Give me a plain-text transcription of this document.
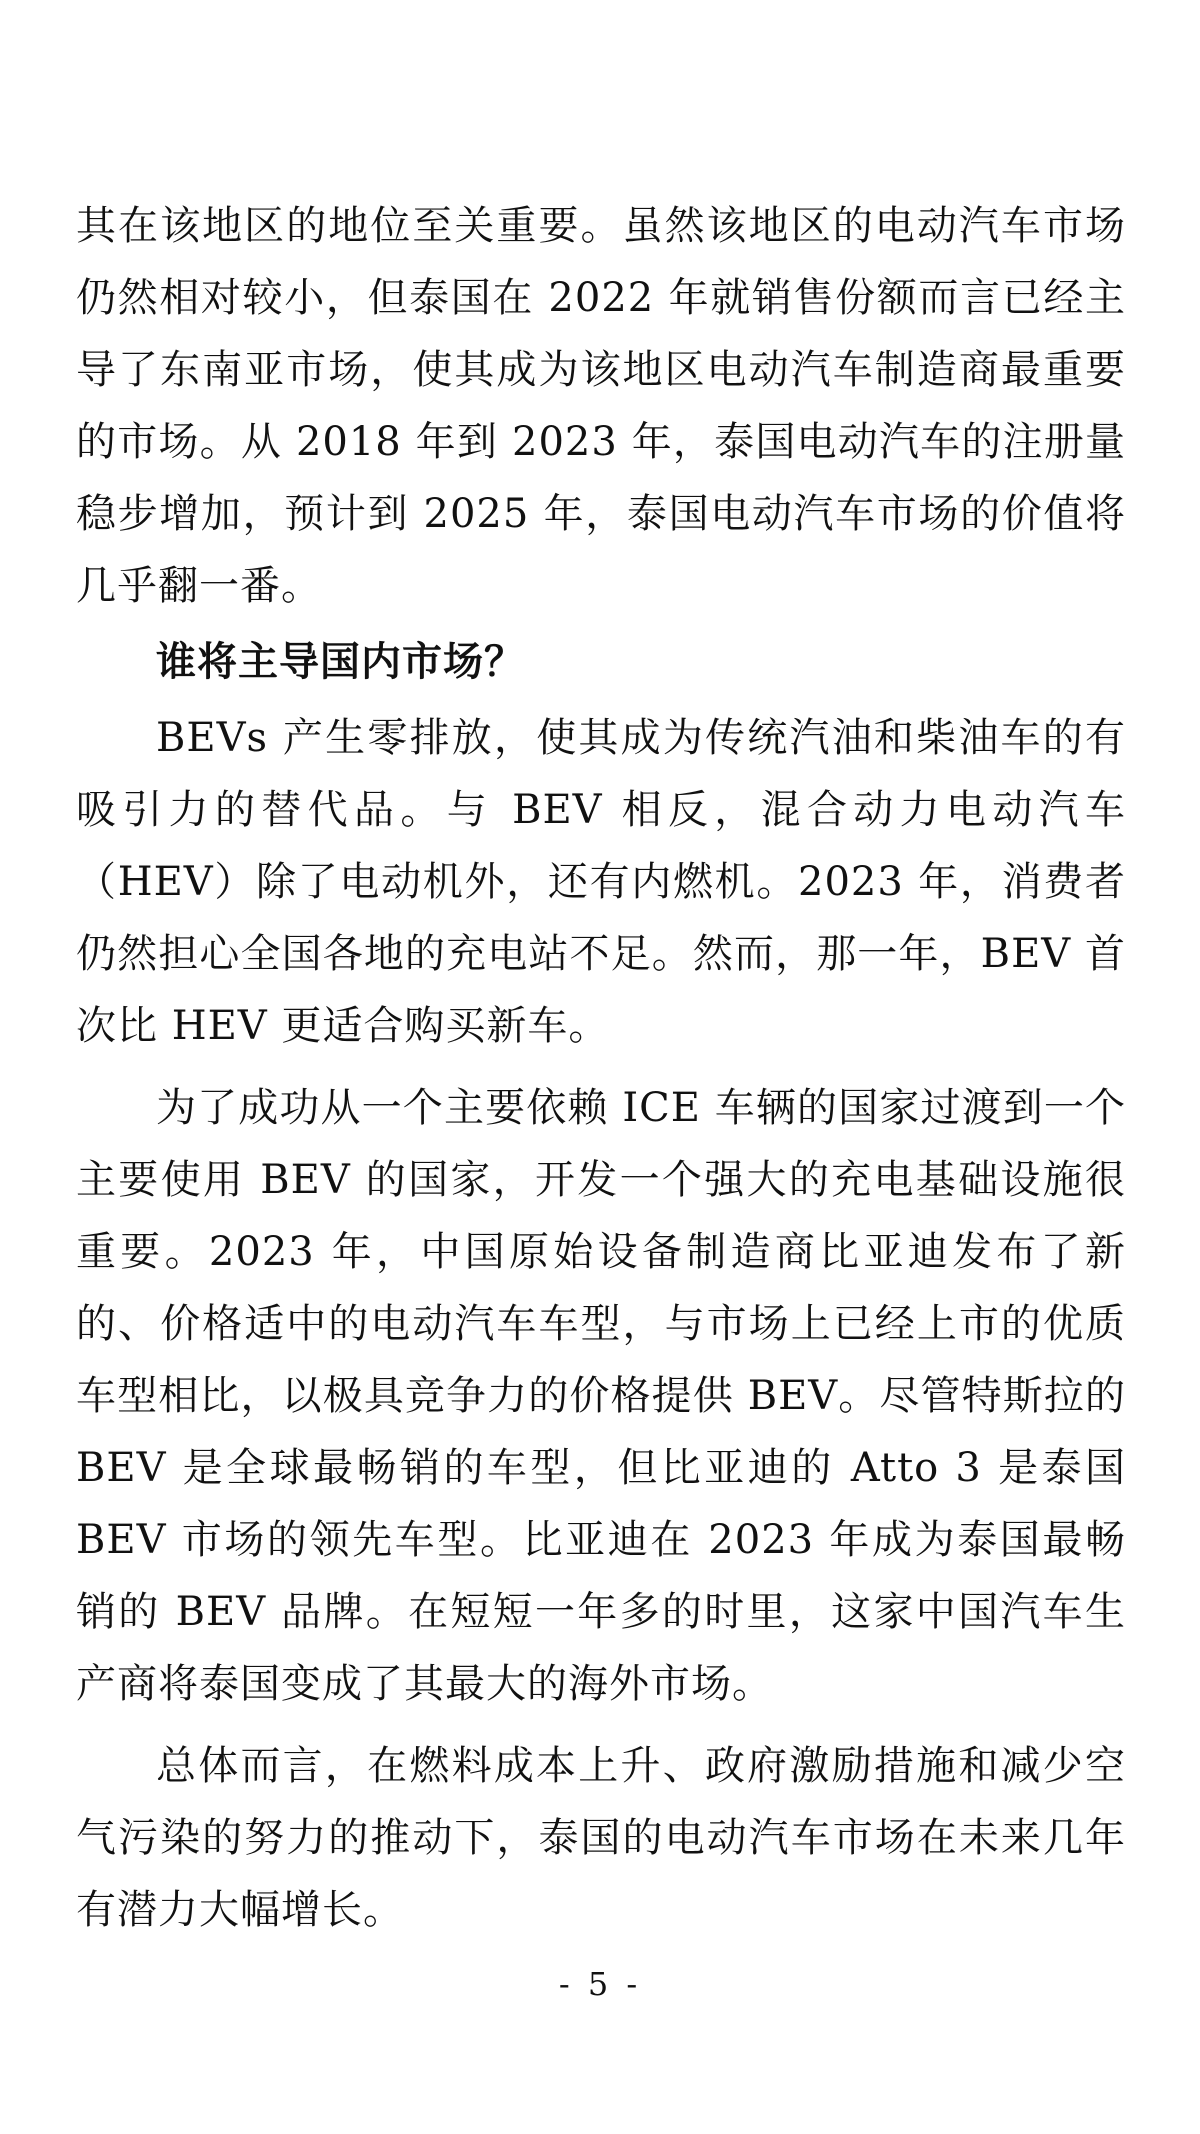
其在该地区的地位至关重要。虽然该地区的电动汽车市场仍然相对较小，但泰国在 2022 年就销售份额而言已经主导了东南亚市场，使其成为该地区电动汽车制造商最重要的市场。从 2018 年到 2023 年，泰国电动汽车的注册量稳步增加，预计到 2025 年，泰国电动汽车市场的价值将几乎翻一番。

谁将主导国内市场？

BEVs 产生零排放，使其成为传统汽油和柴油车的有吸引力的替代品。与 BEV 相反，混合动力电动汽车（HEV）除了电动机外，还有内燃机。2023 年，消费者仍然担心全国各地的充电站不足。然而，那一年，BEV 首次比 HEV 更适合购买新车。

为了成功从一个主要依赖 ICE 车辆的国家过渡到一个主要使用 BEV 的国家，开发一个强大的充电基础设施很重要。2023 年，中国原始设备制造商比亚迪发布了新的、价格适中的电动汽车车型，与市场上已经上市的优质车型相比，以极具竞争力的价格提供 BEV。尽管特斯拉的 BEV 是全球最畅销的车型，但比亚迪的 Atto 3 是泰国 BEV 市场的领先车型。比亚迪在 2023 年成为泰国最畅销的 BEV 品牌。在短短一年多的时里，这家中国汽车生产商将泰国变成了其最大的海外市场。

总体而言，在燃料成本上升、政府激励措施和减少空气污染的努力的推动下，泰国的电动汽车市场在未来几年有潜力大幅增长。

- 5 -
